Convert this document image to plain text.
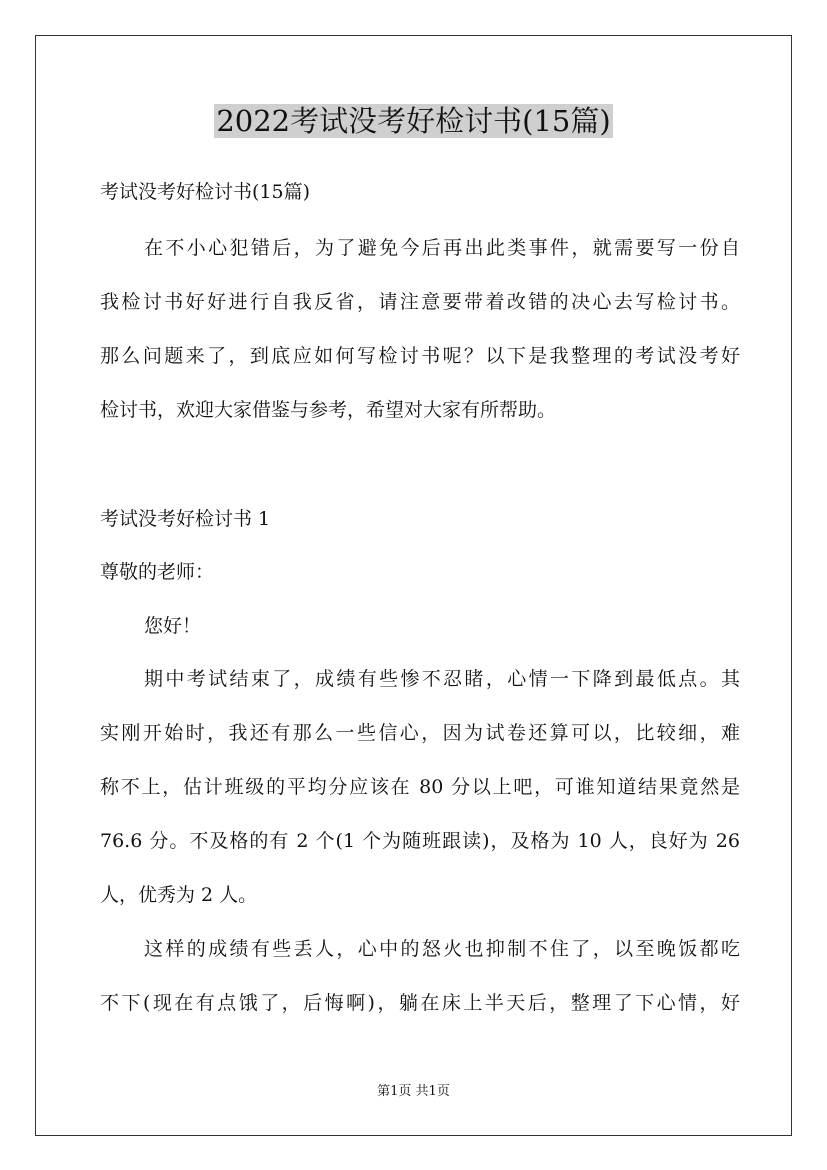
2022考试没考好检讨书(15篇)

考试没考好检讨书(15篇)

在不小心犯错后，为了避免今后再出此类事件，就需要写一份自
我检讨书好好进行自我反省，请注意要带着改错的决心去写检讨书。
那么问题来了，到底应如何写检讨书呢？以下是我整理的考试没考好
检讨书，欢迎大家借鉴与参考，希望对大家有所帮助。

考试没考好检讨书 1

尊敬的老师：

您好！

期中考试结束了，成绩有些惨不忍睹，心情一下降到最低点。其
实刚开始时，我还有那么一些信心，因为试卷还算可以，比较细，难
称不上，估计班级的平均分应该在 80 分以上吧，可谁知道结果竟然是
76.6 分。不及格的有 2 个(1 个为随班跟读)，及格为 10 人，良好为 26
人，优秀为 2 人。
这样的成绩有些丢人，心中的怒火也抑制不住了，以至晚饭都吃
不下(现在有点饿了，后悔啊)，躺在床上半天后，整理了下心情，好
第1页 共1页
